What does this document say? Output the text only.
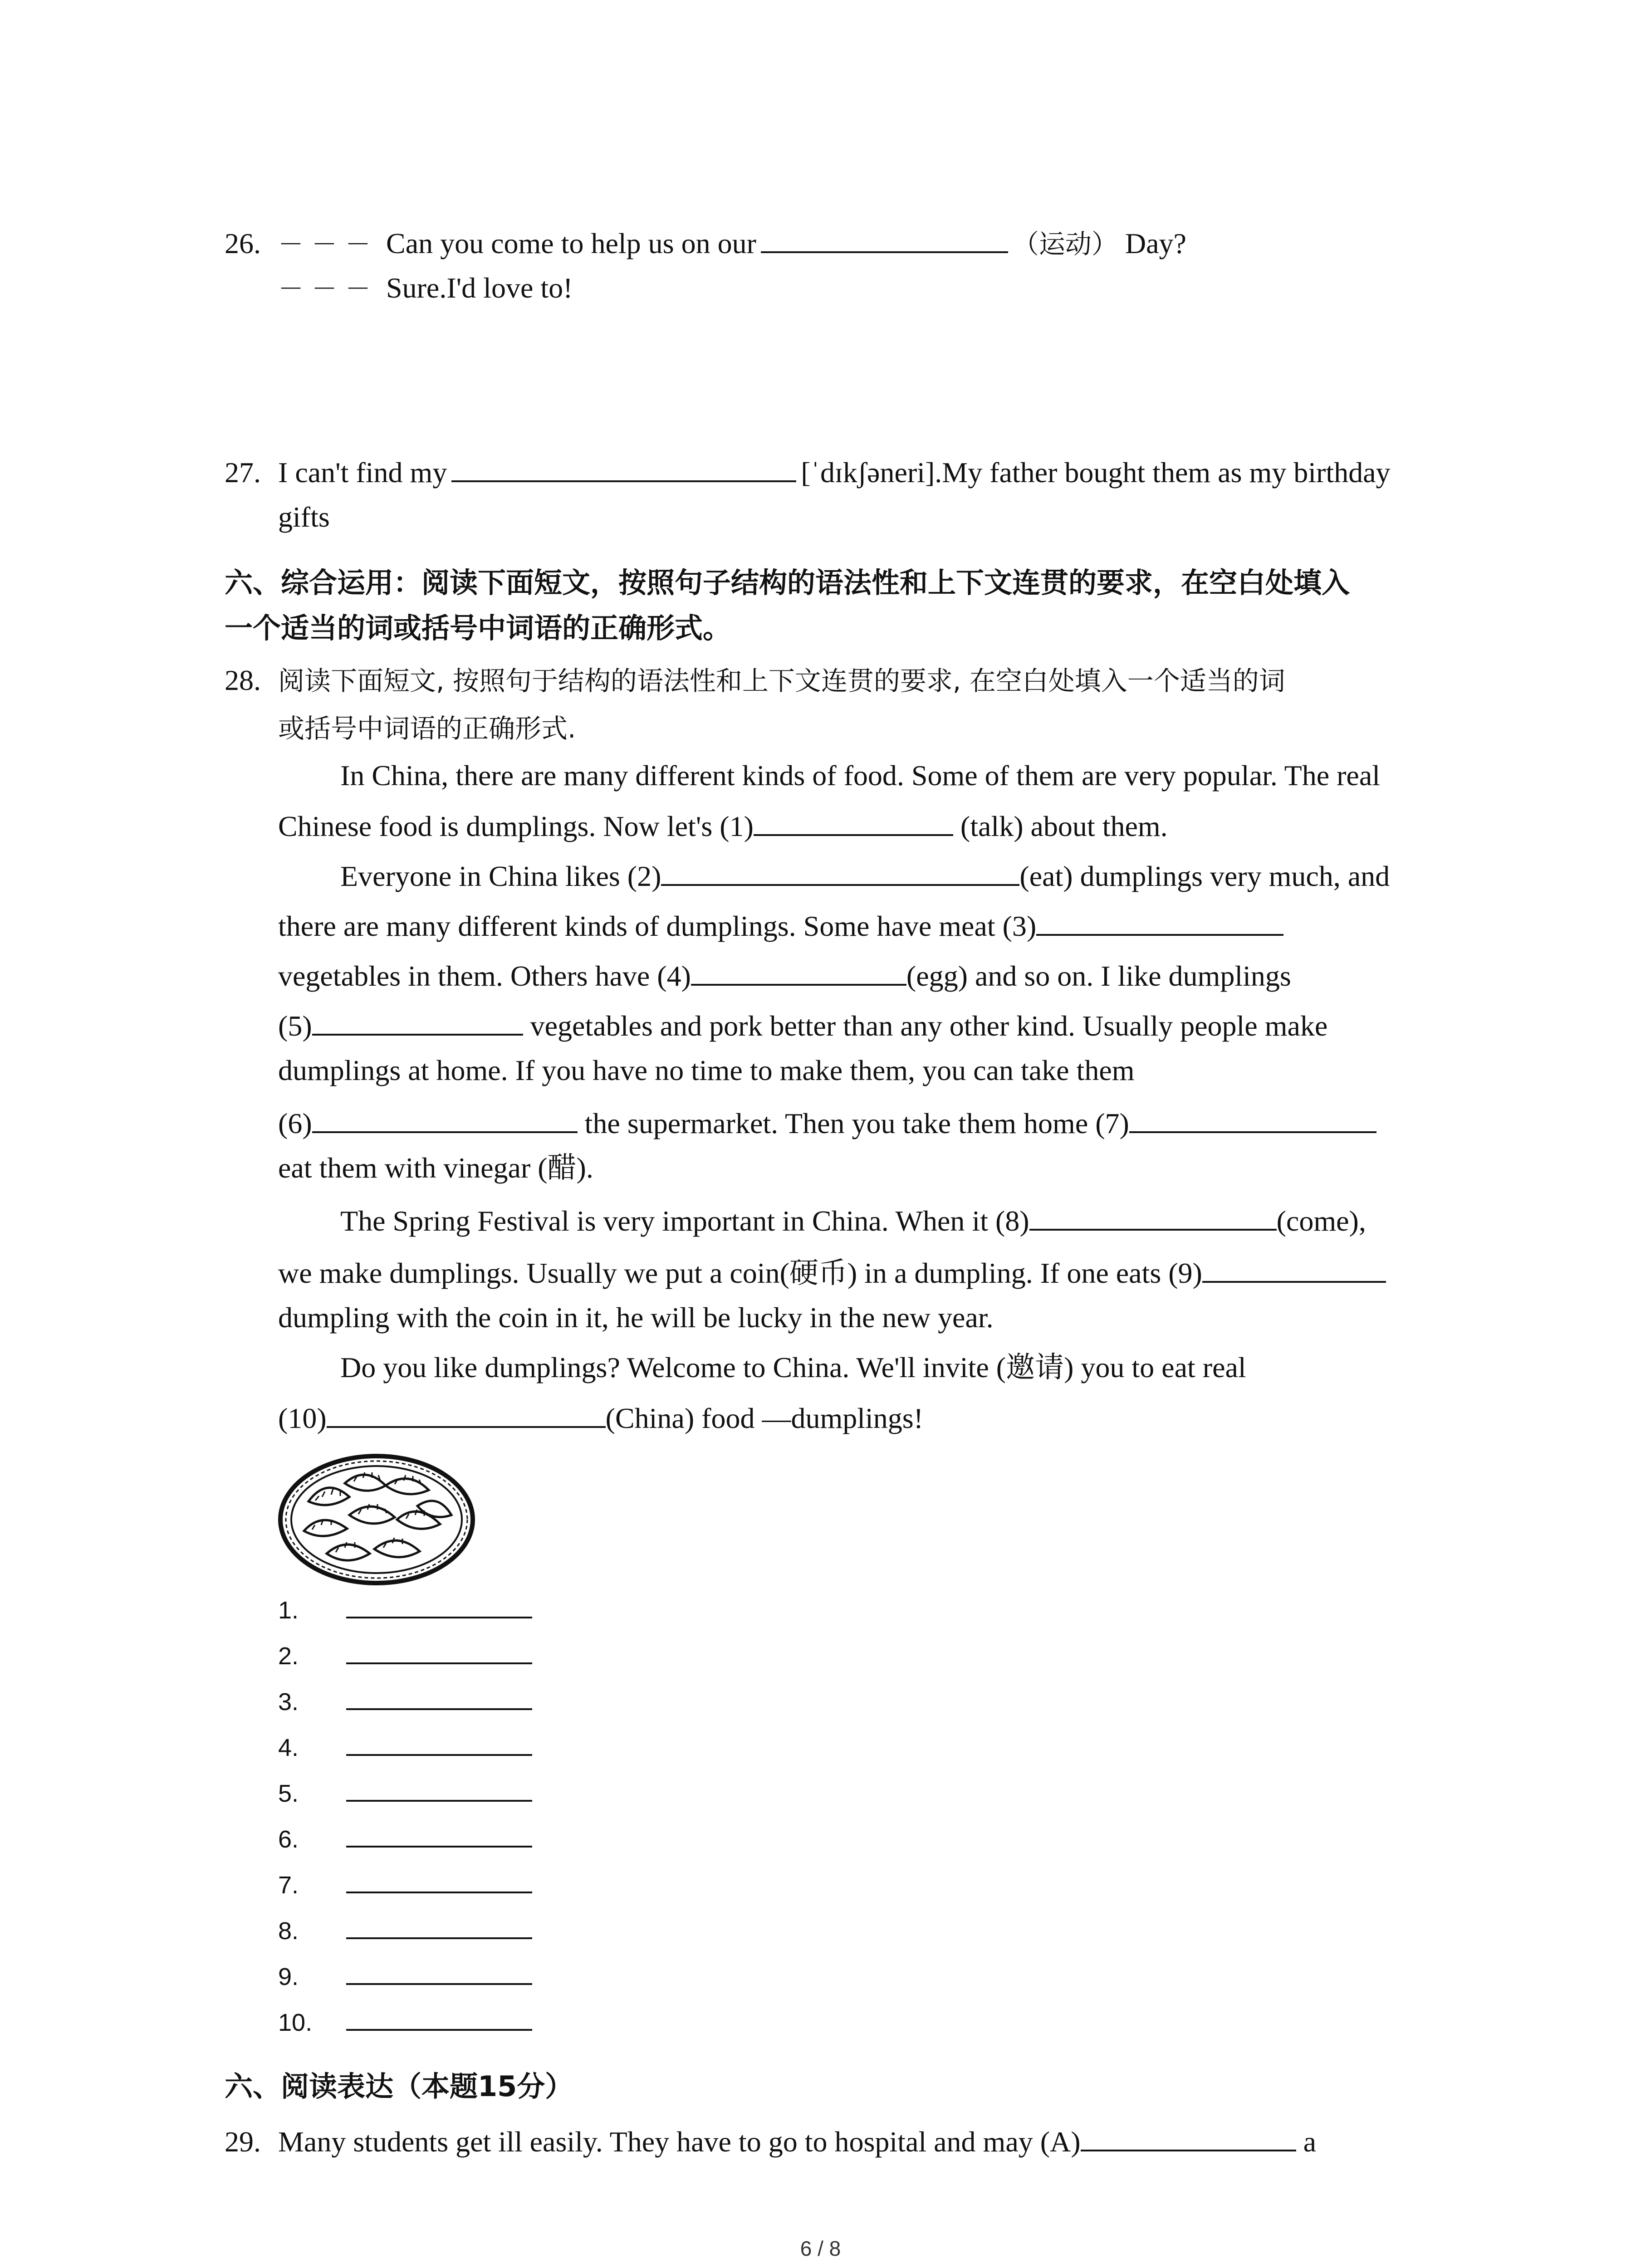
26. －－－ Can you come to help us on our	（运动） Day?
－－－ Sure.I'd love to!
27. I can't find my	[ˈdɪkʃəneri].My father bought them as my birthday
gifts
六、综合运用：阅读下面短文，按照句子结构的语法性和上下文连贯的要求，在空白处填入
一个适当的词或括号中词语的正确形式。
28. 阅读下面短文, 按照句于结构的语法性和上下文连贯的要求, 在空白处填入一个适当的词
或括号中词语的正确形式.
In China, there are many different kinds of food. Some of them are very popular. The real
Chinese food is dumplings. Now let's (1)	(talk) about them.
Everyone in China likes (2)	(eat) dumplings very much, and
there are many different kinds of dumplings. Some have meat (3)
vegetables in them. Others have (4)	(egg) and so on. I like dumplings
(5)	vegetables and pork better than any other kind. Usually people make
dumplings at home. If you have no time to make them, you can take them
(6)	the supermarket. Then you take them home (7)
eat them with vinegar (醋).
The Spring Festival is very important in China. When it (8)	(come),
we make dumplings. Usually we put a coin(硬币) in a dumpling. If one eats (9)
dumpling with the coin in it, he will be lucky in the new year.
Do you like dumplings? Welcome to China. We'll invite (邀请) you to eat real
(10)	(China) food —dumplings!
1.
2.
3.
4.
5.
6.
7.
8.
9.
10.
六、阅读表达（本题15分）
29. Many students get ill easily. They have to go to hospital and may (A)	a
6 / 8
